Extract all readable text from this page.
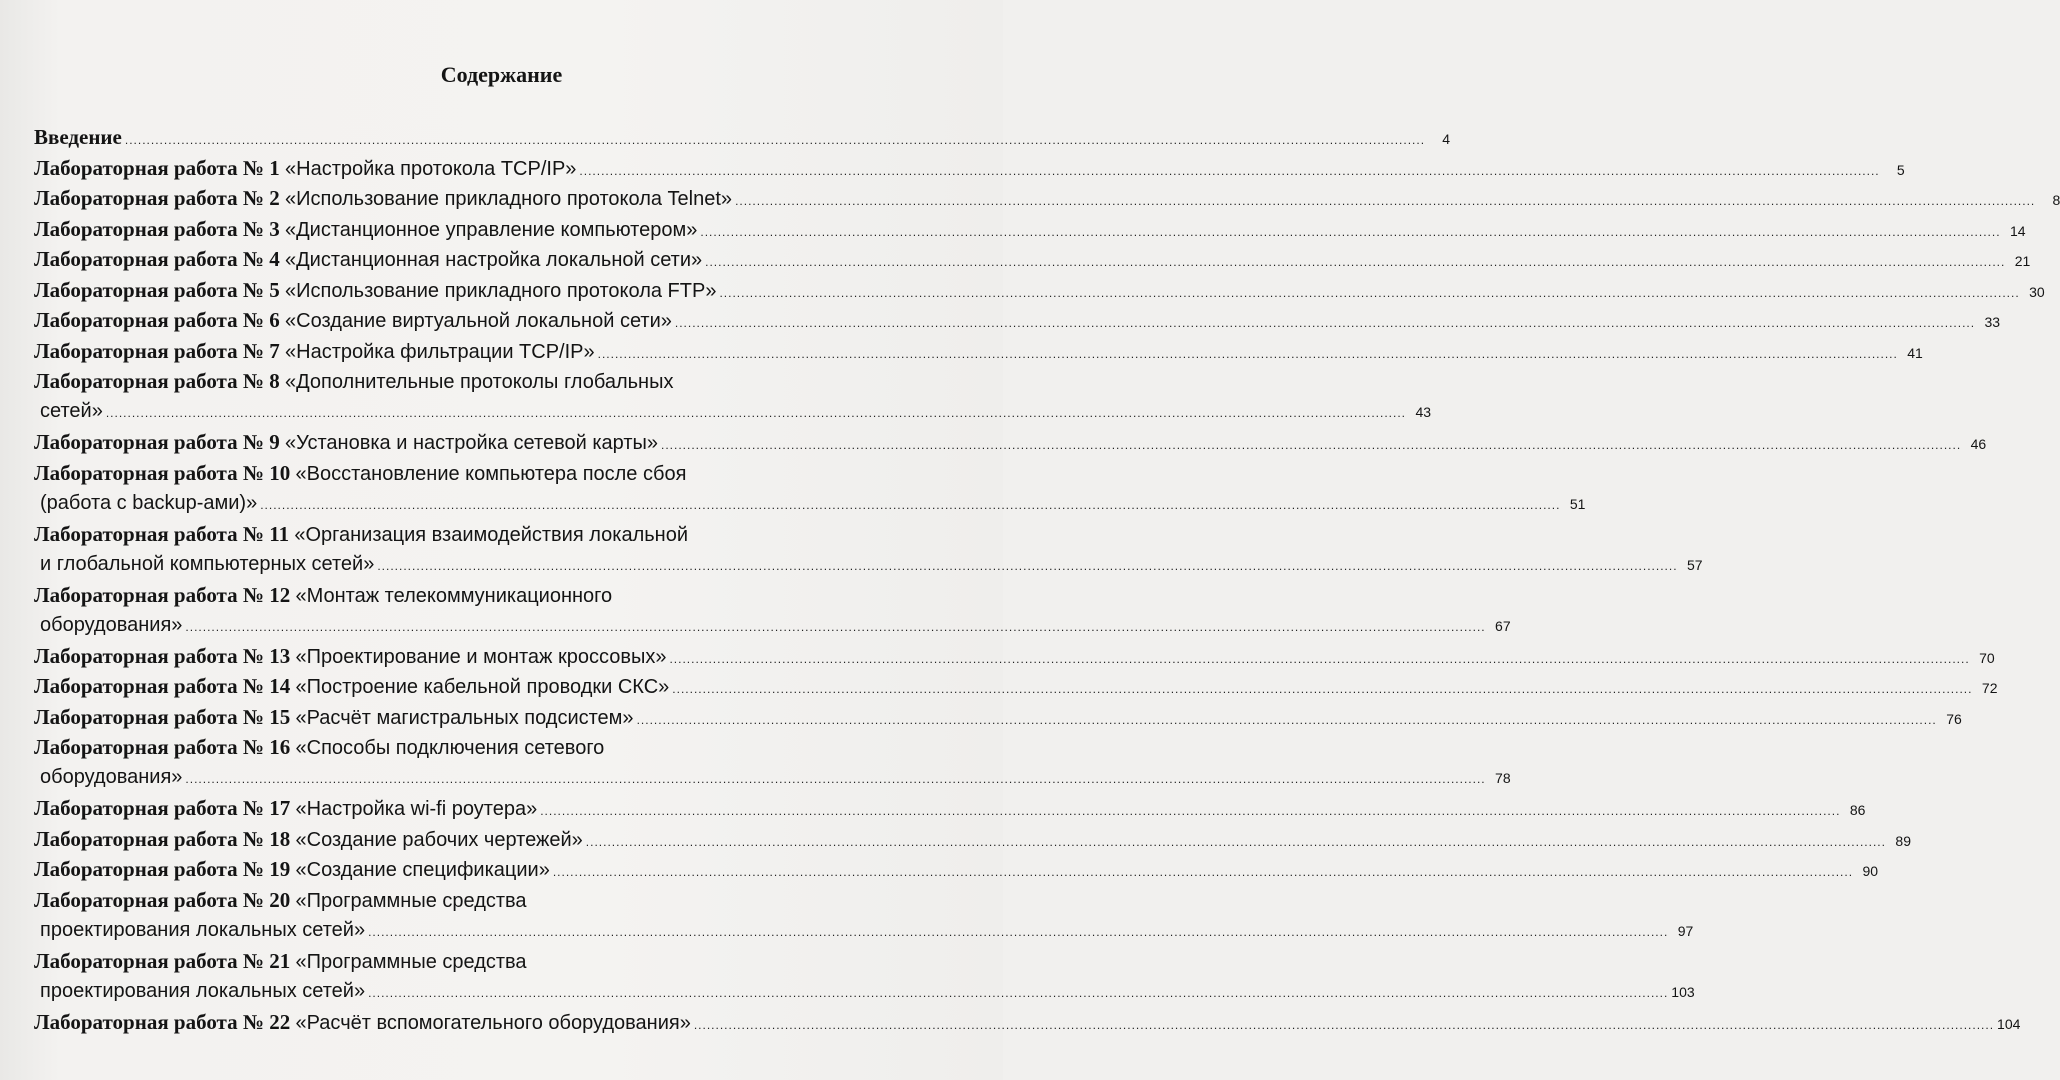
Содержание
Введение ............................................................................................................................................................................................................................................................................................................	4
Лабораторная работа № 1
«Настройка протокола TCP/IP» ............................................................................................................................................................................................................................................................................................................	5
Лабораторная работа № 2
«Использование прикладного протокола Telnet» ............................................................................................................................................................................................................................................................................................................	8
Лабораторная работа № 3
«Дистанционное управление компьютером» ............................................................................................................................................................................................................................................................................................................ 14
Лабораторная работа № 4
«Дистанционная настройка локальной сети» ............................................................................................................................................................................................................................................................................................................ 21
Лабораторная работа № 5
«Использование прикладного протокола FTP» ............................................................................................................................................................................................................................................................................................................ 30
Лабораторная работа № 6
«Создание виртуальной локальной сети» ............................................................................................................................................................................................................................................................................................................ 33
Лабораторная работа № 7
«Настройка фильтрации TCP/IP» ............................................................................................................................................................................................................................................................................................................ 41
Лабораторная работа № 8
«Дополнительные протоколы глобальных
сетей» ............................................................................................................................................................................................................................................................................................................ 43
Лабораторная работа № 9
«Установка и настройка сетевой карты» ............................................................................................................................................................................................................................................................................................................ 46
Лабораторная работа № 10
«Восстановление компьютера после сбоя
(работа с backup-ами)» ............................................................................................................................................................................................................................................................................................................ 51
Лабораторная работа № 11
«Организация взаимодействия локальной
и глобальной компьютерных сетей» ............................................................................................................................................................................................................................................................................................................ 57
Лабораторная работа № 12
«Монтаж телекоммуникационного
оборудования» ............................................................................................................................................................................................................................................................................................................ 67
Лабораторная работа № 13
«Проектирование и монтаж кроссовых» ............................................................................................................................................................................................................................................................................................................ 70
Лабораторная работа № 14
«Построение кабельной проводки СКС» ............................................................................................................................................................................................................................................................................................................ 72
Лабораторная работа № 15
«Расчёт магистральных подсистем» ............................................................................................................................................................................................................................................................................................................ 76
Лабораторная работа № 16
«Способы подключения сетевого
оборудования» ............................................................................................................................................................................................................................................................................................................ 78
Лабораторная работа № 17
«Настройка wi-fi роутера» ............................................................................................................................................................................................................................................................................................................ 86
Лабораторная работа № 18
«Создание рабочих чертежей» ............................................................................................................................................................................................................................................................................................................ 89
Лабораторная работа № 19
«Создание спецификации» ............................................................................................................................................................................................................................................................................................................ 90
Лабораторная работа № 20
«Программные средства
проектирования локальных сетей» ............................................................................................................................................................................................................................................................................................................ 97
Лабораторная работа № 21
«Программные средства
проектирования локальных сетей» ............................................................................................................................................................................................................................................................................................................ 103
Лабораторная работа № 22
«Расчёт вспомогательного оборудования» ............................................................................................................................................................................................................................................................................................................ 104
